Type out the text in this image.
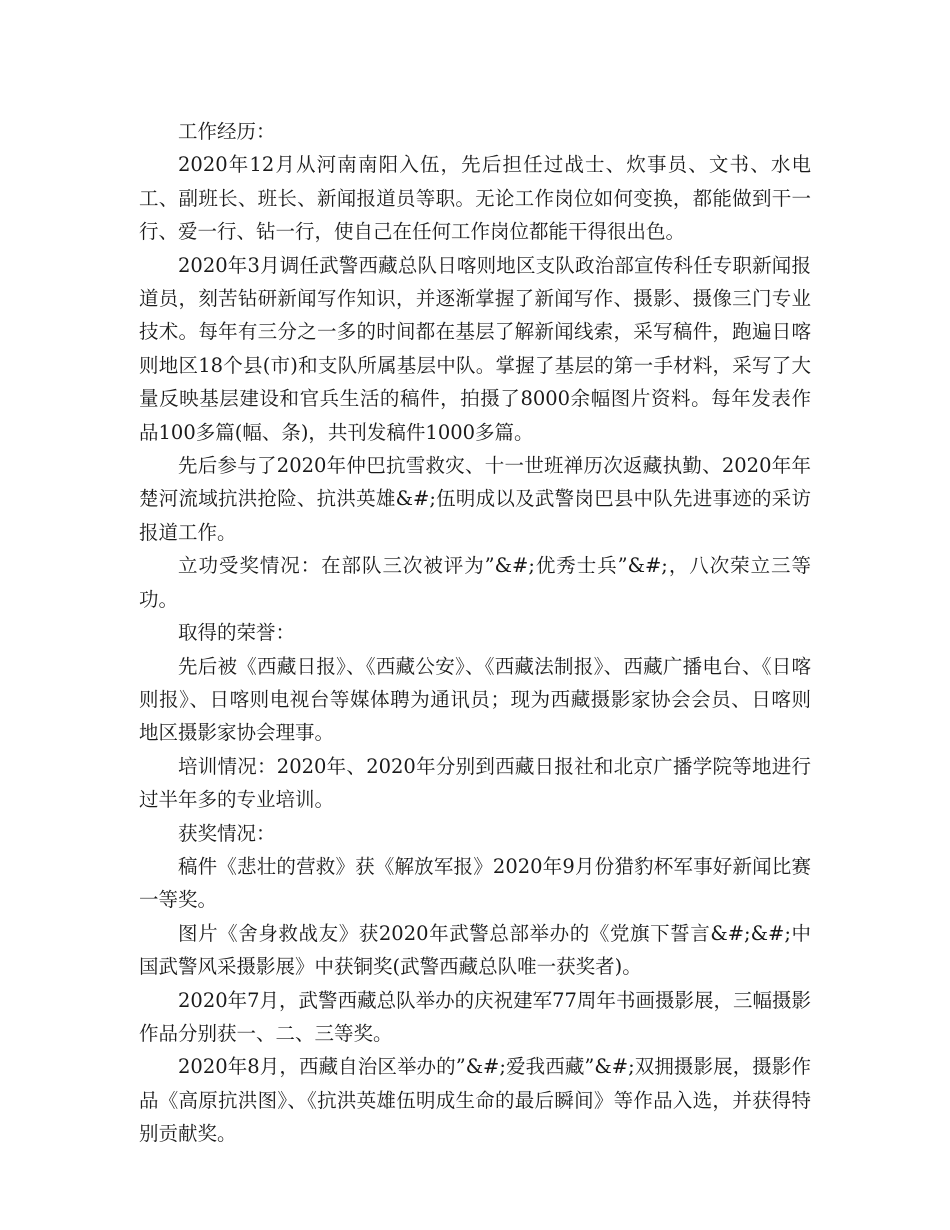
工作经历：

2020年12月从河南南阳入伍，先后担任过战士、炊事员、文书、水电工、副班长、班长、新闻报道员等职。无论工作岗位如何变换，都能做到干一行、爱一行、钻一行，使自己在任何工作岗位都能干得很出色。

2020年3月调任武警西藏总队日喀则地区支队政治部宣传科任专职新闻报道员，刻苦钻研新闻写作知识，并逐渐掌握了新闻写作、摄影、摄像三门专业技术。每年有三分之一多的时间都在基层了解新闻线索，采写稿件，跑遍日喀则地区18个县(市)和支队所属基层中队。掌握了基层的第一手材料，采写了大量反映基层建设和官兵生活的稿件，拍摄了8000余幅图片资料。每年发表作品100多篇(幅、条)，共刊发稿件1000多篇。

先后参与了2020年仲巴抗雪救灾、十一世班禅历次返藏执勤、2020年年楚河流域抗洪抢险、抗洪英雄&#;伍明成以及武警岗巴县中队先进事迹的采访报道工作。

立功受奖情况：在部队三次被评为”&#;优秀士兵”&#;，八次荣立三等功。

取得的荣誉：

先后被《西藏日报》、《西藏公安》、《西藏法制报》、西藏广播电台、《日喀则报》、日喀则电视台等媒体聘为通讯员；现为西藏摄影家协会会员、日喀则地区摄影家协会理事。

培训情况：2020年、2020年分别到西藏日报社和北京广播学院等地进行过半年多的专业培训。

获奖情况：

稿件《悲壮的营救》获《解放军报》2020年9月份猎豹杯军事好新闻比赛一等奖。

图片《舍身救战友》获2020年武警总部举办的《党旗下誓言&#;&#;中国武警风采摄影展》中获铜奖(武警西藏总队唯一获奖者)。

2020年7月，武警西藏总队举办的庆祝建军77周年书画摄影展，三幅摄影作品分别获一、二、三等奖。

2020年8月，西藏自治区举办的”&#;爱我西藏”&#;双拥摄影展，摄影作品《高原抗洪图》、《抗洪英雄伍明成生命的最后瞬间》等作品入选，并获得特别贡献奖。
